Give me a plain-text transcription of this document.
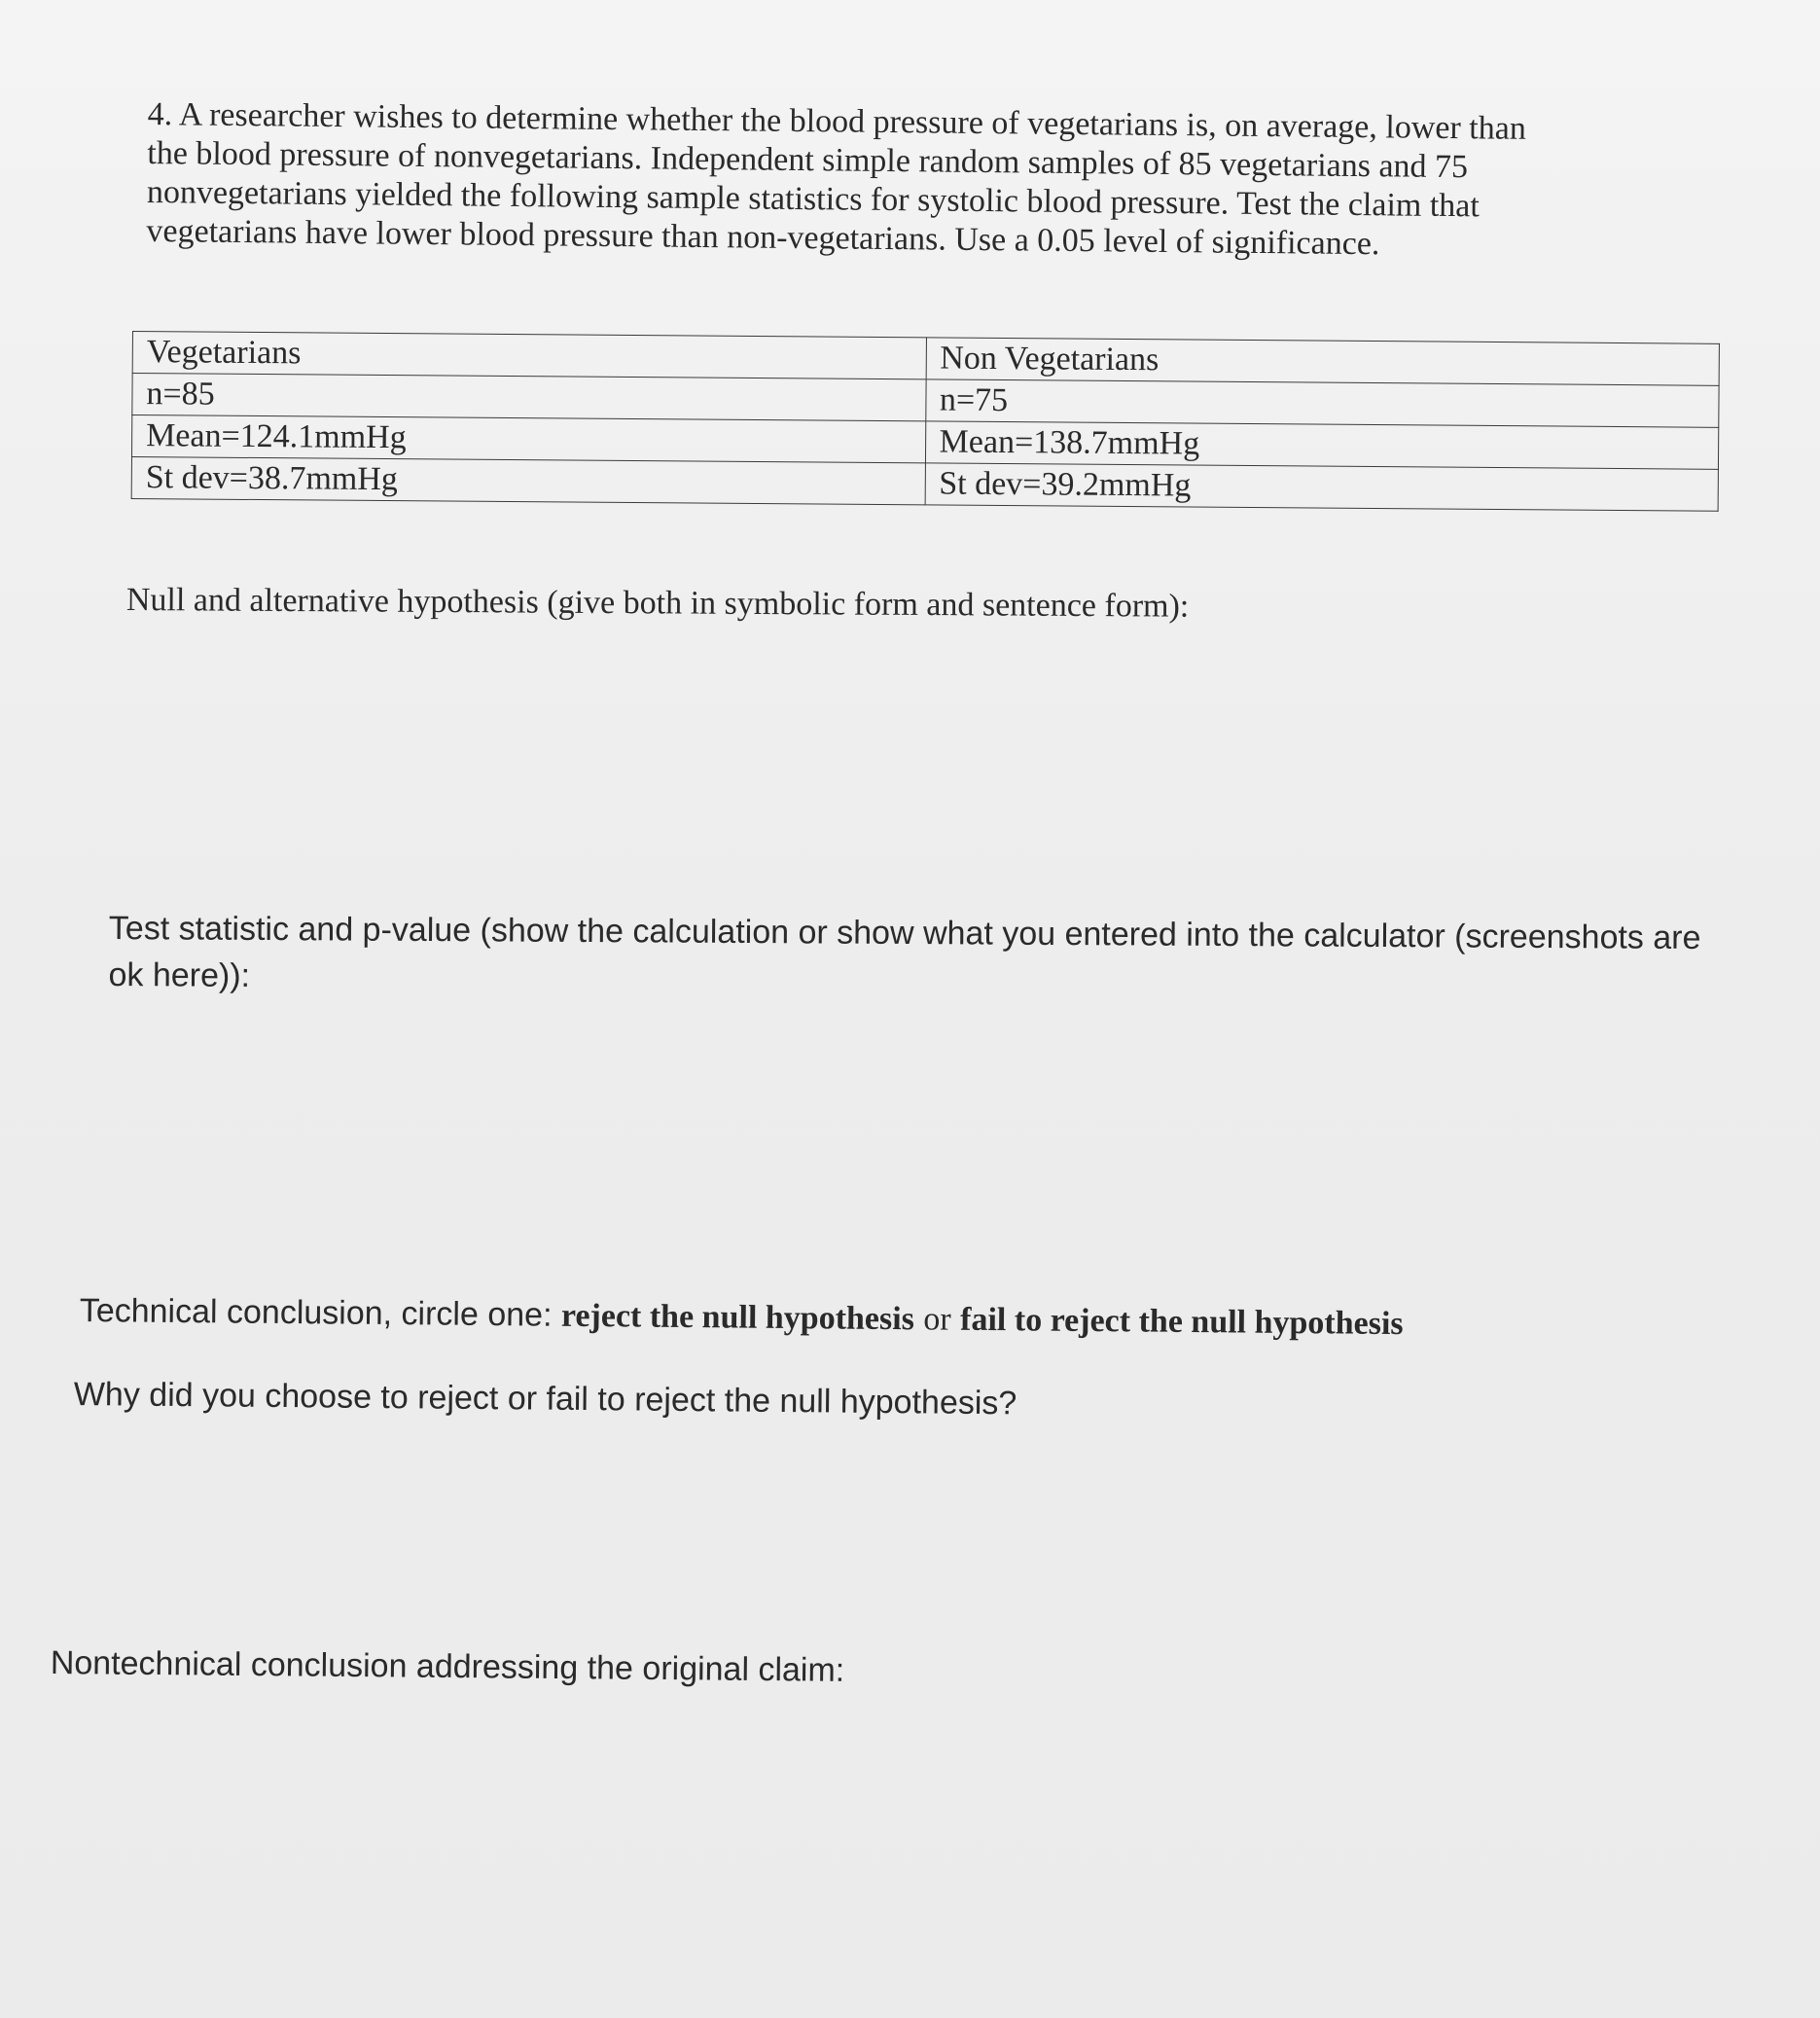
4. A researcher wishes to determine whether the blood pressure of vegetarians is, on average, lower than the blood pressure of nonvegetarians. Independent simple random samples of 85 vegetarians and 75 nonvegetarians yielded the following sample statistics for systolic blood pressure. Test the claim that vegetarians have lower blood pressure than non-vegetarians. Use a 0.05 level of significance.

Vegetarians	Non Vegetarians
n=85	n=75
Mean=124.1mmHg	Mean=138.7mmHg
St dev=38.7mmHg	St dev=39.2mmHg

Null and alternative hypothesis (give both in symbolic form and sentence form):

Test statistic and p-value (show the calculation or show what you entered into the calculator (screenshots are ok here)):

Technical conclusion, circle one: reject the null hypothesis or fail to reject the null hypothesis

Why did you choose to reject or fail to reject the null hypothesis?

Nontechnical conclusion addressing the original claim:
